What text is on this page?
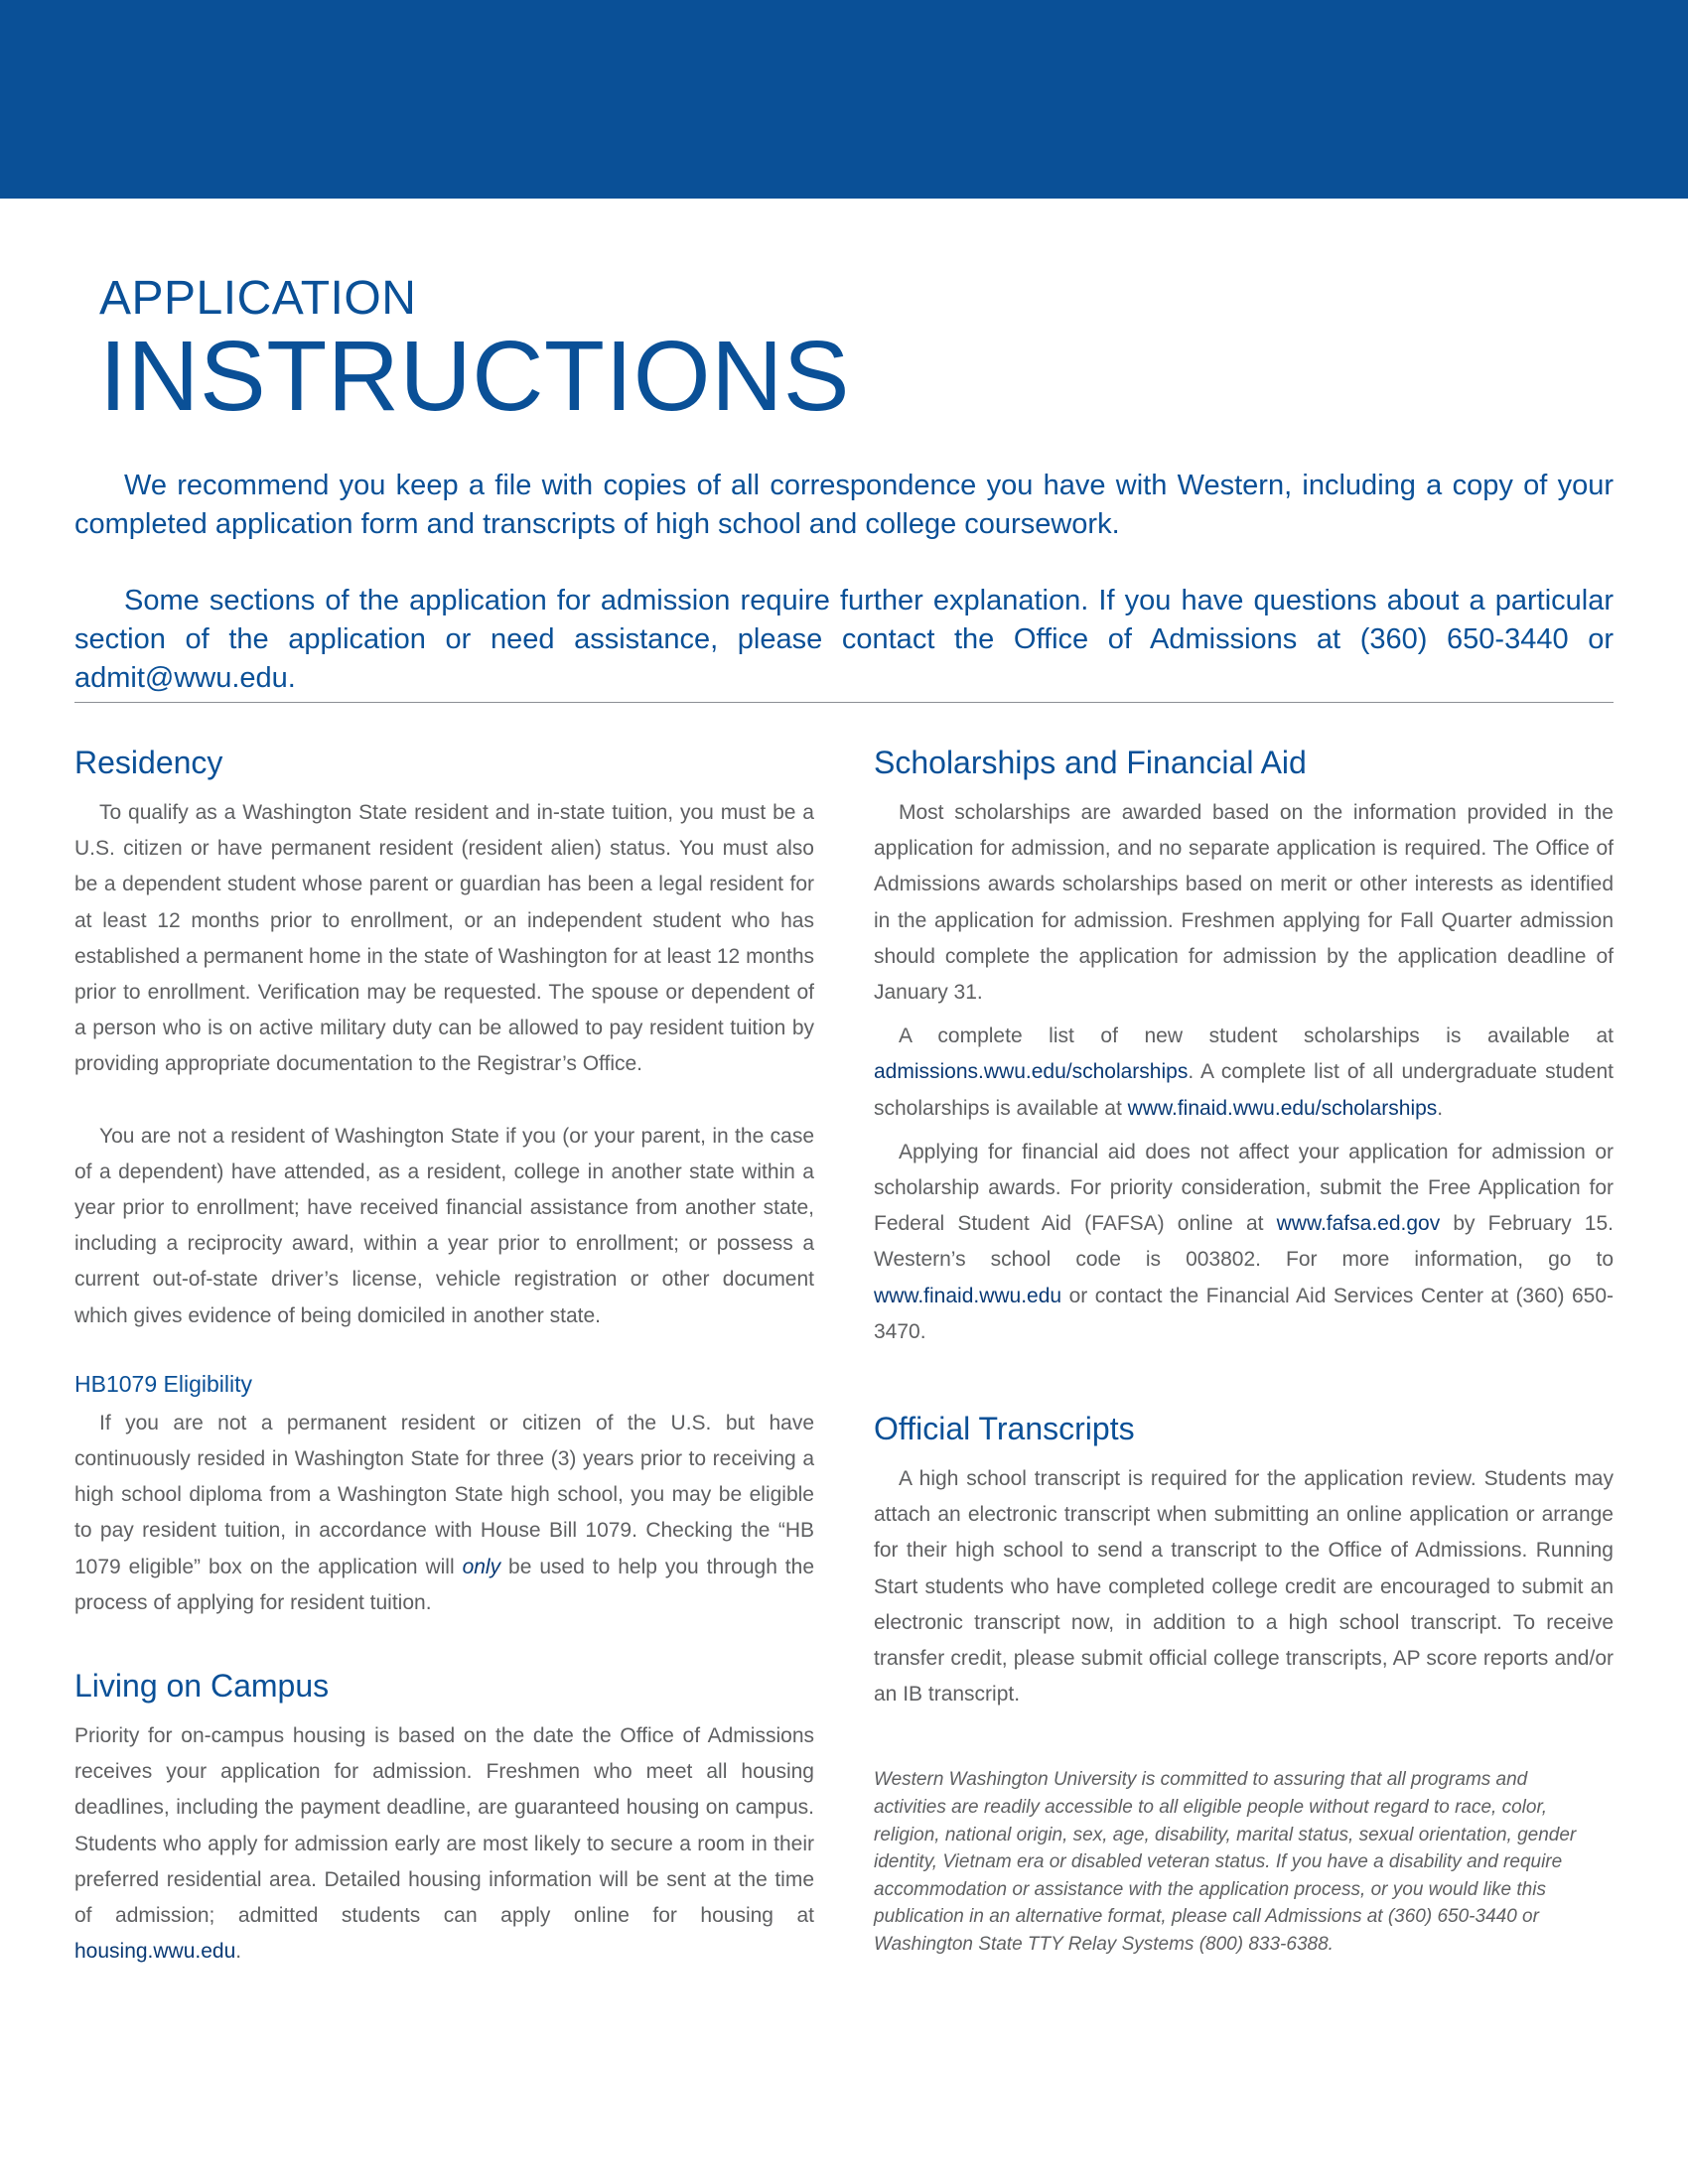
APPLICATION
INSTRUCTIONS

We recommend you keep a file with copies of all correspondence you have with Western, including a copy of your completed application form and transcripts of high school and college coursework.

Some sections of the application for admission require further explanation. If you have questions about a particular section of the application or need assistance, please contact the Office of Admissions at (360) 650-3440 or admit@wwu.edu.

Residency

To qualify as a Washington State resident and in-state tuition, you must be a U.S. citizen or have permanent resident (resident alien) status. You must also be a dependent student whose parent or guardian has been a legal resident for at least 12 months prior to enrollment, or an independent student who has established a permanent home in the state of Washington for at least 12 months prior to enrollment. Verification may be requested. The spouse or dependent of a person who is on active military duty can be allowed to pay resident tuition by providing appropriate documentation to the Registrar’s Office.

You are not a resident of Washington State if you (or your parent, in the case of a dependent) have attended, as a resident, college in another state within a year prior to enrollment; have received financial assistance from another state, including a reciprocity award, within a year prior to enrollment; or possess a current out-of-state driver’s license, vehicle registration or other document which gives evidence of being domiciled in another state.

HB1079 Eligibility

If you are not a permanent resident or citizen of the U.S. but have continuously resided in Washington State for three (3) years prior to receiving a high school diploma from a Washington State high school, you may be eligible to pay resident tuition, in accordance with House Bill 1079. Checking the “HB 1079 eligible” box on the application will only be used to help you through the process of applying for resident tuition.

Living on Campus

Priority for on-campus housing is based on the date the Office of Admissions receives your application for admission. Freshmen who meet all housing deadlines, including the payment deadline, are guaranteed housing on campus. Students who apply for admission early are most likely to secure a room in their preferred residential area. Detailed housing information will be sent at the time of admission; admitted students can apply online for housing at housing.wwu.edu.

Scholarships and Financial Aid

Most scholarships are awarded based on the information provided in the application for admission, and no separate application is required. The Office of Admissions awards scholarships based on merit or other interests as identified in the application for admission. Freshmen applying for Fall Quarter admission should complete the application for admission by the application deadline of January 31.

A complete list of new student scholarships is available at admissions.wwu.edu/scholarships. A complete list of all undergraduate student scholarships is available at www.finaid.wwu.edu/scholarships.

Applying for financial aid does not affect your application for admission or scholarship awards. For priority consideration, submit the Free Application for Federal Student Aid (FAFSA) online at www.fafsa.ed.gov by February 15. Western’s school code is 003802. For more information, go to www.finaid.wwu.edu or contact the Financial Aid Services Center at (360) 650-3470.

Official Transcripts

A high school transcript is required for the application review. Students may attach an electronic transcript when submitting an online application or arrange for their high school to send a transcript to the Office of Admissions. Running Start students who have completed college credit are encouraged to submit an electronic transcript now, in addition to a high school transcript. To receive transfer credit, please submit official college transcripts, AP score reports and/or an IB transcript.

Western Washington University is committed to assuring that all programs and activities are readily accessible to all eligible people without regard to race, color, religion, national origin, sex, age, disability, marital status, sexual orientation, gender identity, Vietnam era or disabled veteran status. If you have a disability and require accommodation or assistance with the application process, or you would like this publication in an alternative format, please call Admissions at (360) 650-3440 or Washington State TTY Relay Systems (800) 833-6388.
